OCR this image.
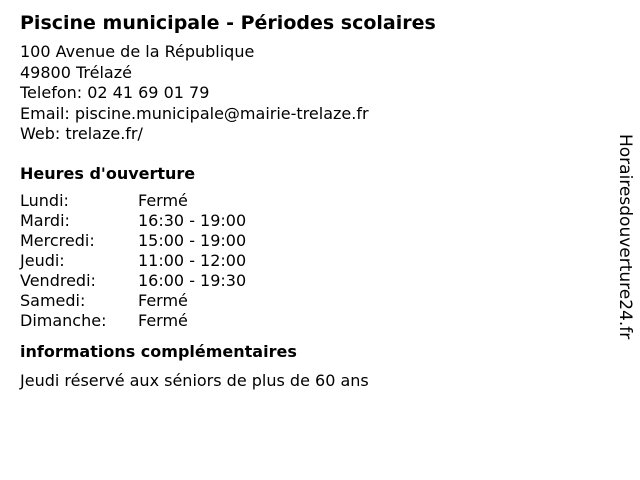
Piscine municipale - Périodes scolaires
100 Avenue de la République
49800 Trélazé
Telefon: 02 41 69 01 79
Email: piscine.municipale@mairie-trelaze.fr
Web: trelaze.fr/
Heures d'ouverture
Lundi:	Fermé
Mardi:	16:30 - 19:00
Mercredi:	15:00 - 19:00
Jeudi:	11:00 - 12:00
Vendredi:	16:00 - 19:30
Samedi:	Fermé
Dimanche:	Fermé
informations complémentaires
Jeudi réservé aux séniors de plus de 60 ans
Horairesdouverture24.fr
